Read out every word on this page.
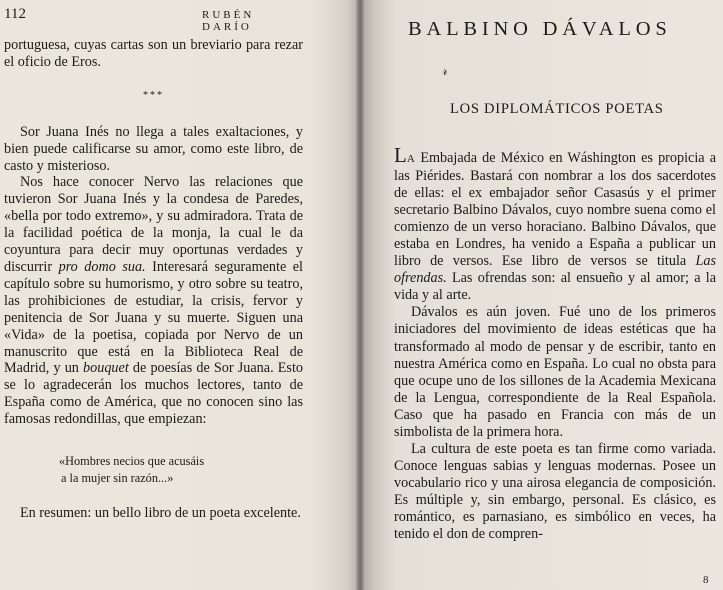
112	RUBÉN DARÍO

portuguesa, cuyas cartas son un breviario para rezar el oficio de Eros.

***

Sor Juana Inés no llega a tales exaltaciones, y bien puede calificarse su amor, como este libro, de casto y misterioso.

Nos hace conocer Nervo las relaciones que tuvieron Sor Juana Inés y la condesa de Paredes, «bella por todo extremo», y su admiradora. Trata de la facilidad poética de la monja, la cual le da coyuntura para decir muy oportunas verdades y discurrir pro domo sua. Interesará seguramente el capítulo sobre su humorismo, y otro sobre su teatro, las prohibiciones de estudiar, la crisis, fervor y penitencia de Sor Juana y su muerte. Siguen una «Vida» de la poetisa, copiada por Nervo de un manuscrito que está en la Biblioteca Real de Madrid, y un bouquet de poesías de Sor Juana. Esto se lo agradecerán los muchos lectores, tanto de España como de América, que no conocen sino las famosas redondillas, que empiezan:

«Hombres necios que acusáis
a la mujer sin razón...»

En resumen: un bello libro de un poeta excelente.

BALBINO DÁVALOS
𝓇
LOS DIPLOMÁTICOS POETAS

LA Embajada de México en Wáshington es propicia a las Piérides. Bastará con nombrar a los dos sacerdotes de ellas: el ex embajador señor Casasús y el primer secretario Balbino Dávalos, cuyo nombre suena como el comienzo de un verso horaciano. Balbino Dávalos, que estaba en Londres, ha venido a España a publicar un libro de versos. Ese libro de versos se titula Las ofrendas. Las ofrendas son: al ensueño y al amor; a la vida y al arte.

Dávalos es aún joven. Fué uno de los primeros iniciadores del movimiento de ideas estéticas que ha transformado al modo de pensar y de escribir, tanto en nuestra América como en España. Lo cual no obsta para que ocupe uno de los sillones de la Academia Mexicana de la Lengua, correspondiente de la Real Española. Caso que ha pasado en Francia con más de un simbolista de la primera hora.

La cultura de este poeta es tan firme como variada. Conoce lenguas sabias y lenguas modernas. Posee un vocabulario rico y una airosa elegancia de composición. Es múltiple y, sin embargo, personal. Es clásico, es romántico, es parnasiano, es simbólico en veces, ha tenido el don de compren-

8
